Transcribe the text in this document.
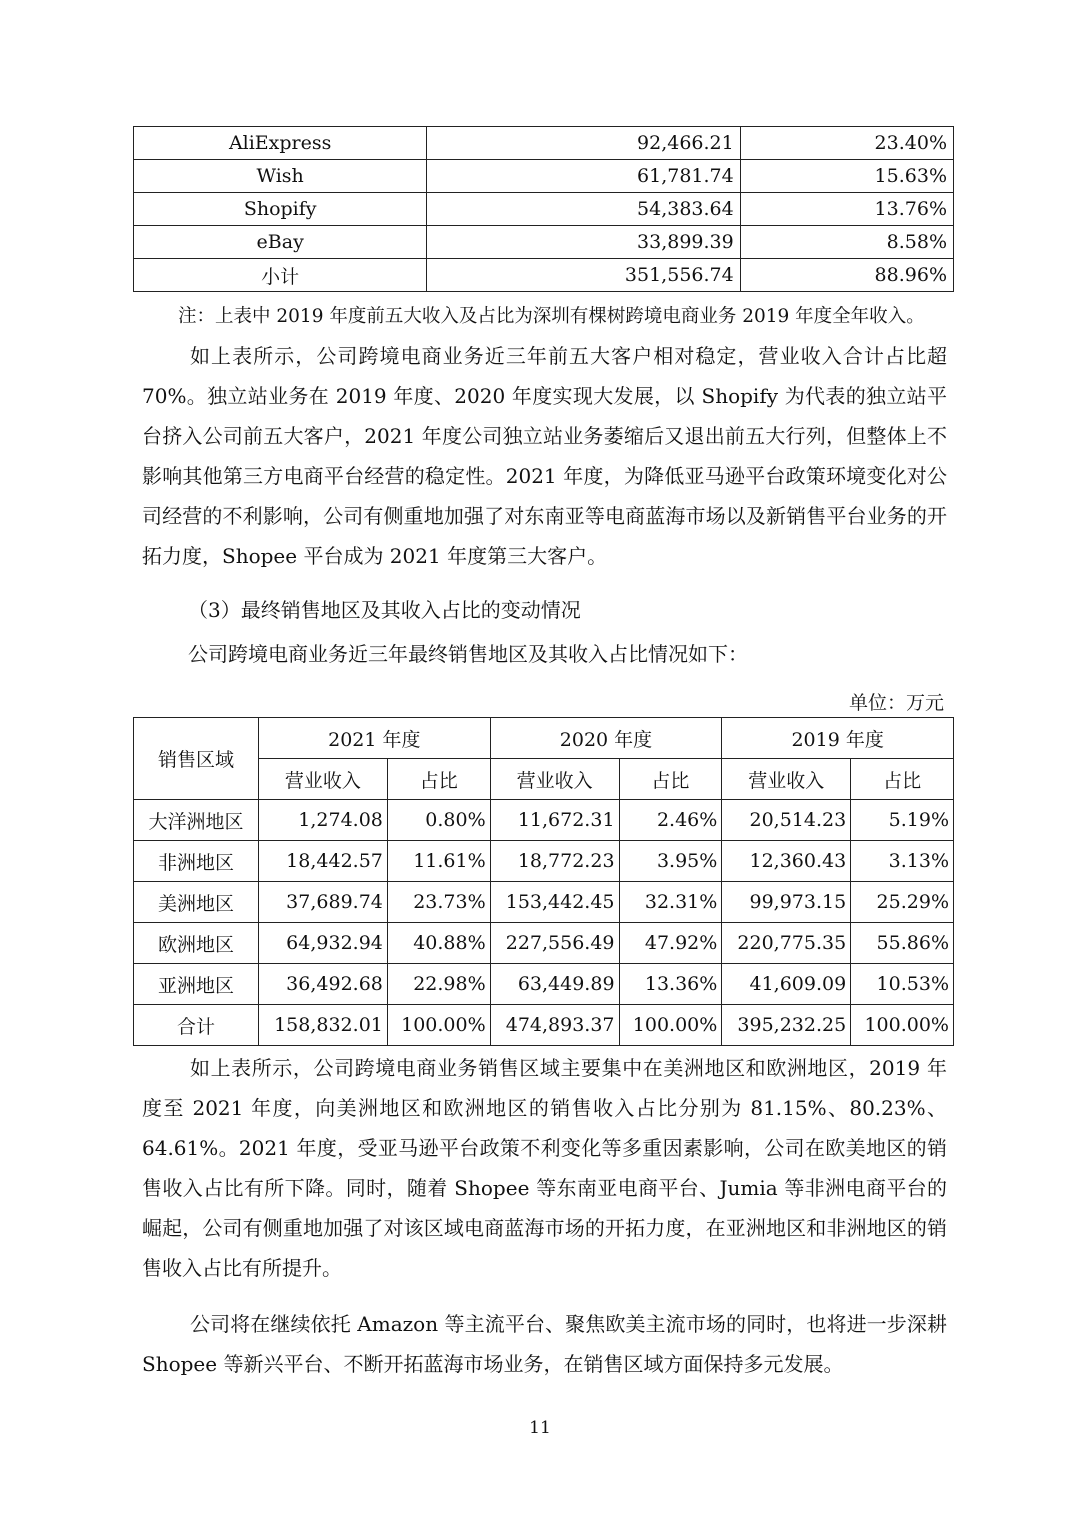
AliExpress	92,466.21	23.40%
Wish	61,781.74	15.63%
Shopify	54,383.64	13.76%
eBay	33,899.39	8.58%
小计	351,556.74	88.96%
注：上表中 2019 年度前五大收入及占比为深圳有棵树跨境电商业务 2019 年度全年收入。
如上表所示，公司跨境电商业务近三年前五大客户相对稳定，营业收入合计占比超 70%。独立站业务在 2019 年度、2020 年度实现大发展，以 Shopify 为代表的独立站平台挤入公司前五大客户，2021 年度公司独立站业务萎缩后又退出前五大行列，但整体上不影响其他第三方电商平台经营的稳定性。2021 年度，为降低亚马逊平台政策环境变化对公司经营的不利影响，公司有侧重地加强了对东南亚等电商蓝海市场以及新销售平台业务的开拓力度，Shopee 平台成为 2021 年度第三大客户。
（3）最终销售地区及其收入占比的变动情况
公司跨境电商业务近三年最终销售地区及其收入占比情况如下：
单位：万元
销售区域	2021 年度		2020 年度		2019 年度	
	营业收入	占比	营业收入	占比	营业收入	占比
大洋洲地区	1,274.08	0.80%	11,672.31	2.46%	20,514.23	5.19%
非洲地区	18,442.57	11.61%	18,772.23	3.95%	12,360.43	3.13%
美洲地区	37,689.74	23.73%	153,442.45	32.31%	99,973.15	25.29%
欧洲地区	64,932.94	40.88%	227,556.49	47.92%	220,775.35	55.86%
亚洲地区	36,492.68	22.98%	63,449.89	13.36%	41,609.09	10.53%
合计	158,832.01	100.00%	474,893.37	100.00%	395,232.25	100.00%
如上表所示，公司跨境电商业务销售区域主要集中在美洲地区和欧洲地区，2019 年度至 2021 年度，向美洲地区和欧洲地区的销售收入占比分别为 81.15%、80.23%、64.61%。2021 年度，受亚马逊平台政策不利变化等多重因素影响，公司在欧美地区的销售收入占比有所下降。同时，随着 Shopee 等东南亚电商平台、Jumia 等非洲电商平台的崛起，公司有侧重地加强了对该区域电商蓝海市场的开拓力度，在亚洲地区和非洲地区的销售收入占比有所提升。
公司将在继续依托 Amazon 等主流平台、聚焦欧美主流市场的同时，也将进一步深耕 Shopee 等新兴平台、不断开拓蓝海市场业务，在销售区域方面保持多元发展。
11
